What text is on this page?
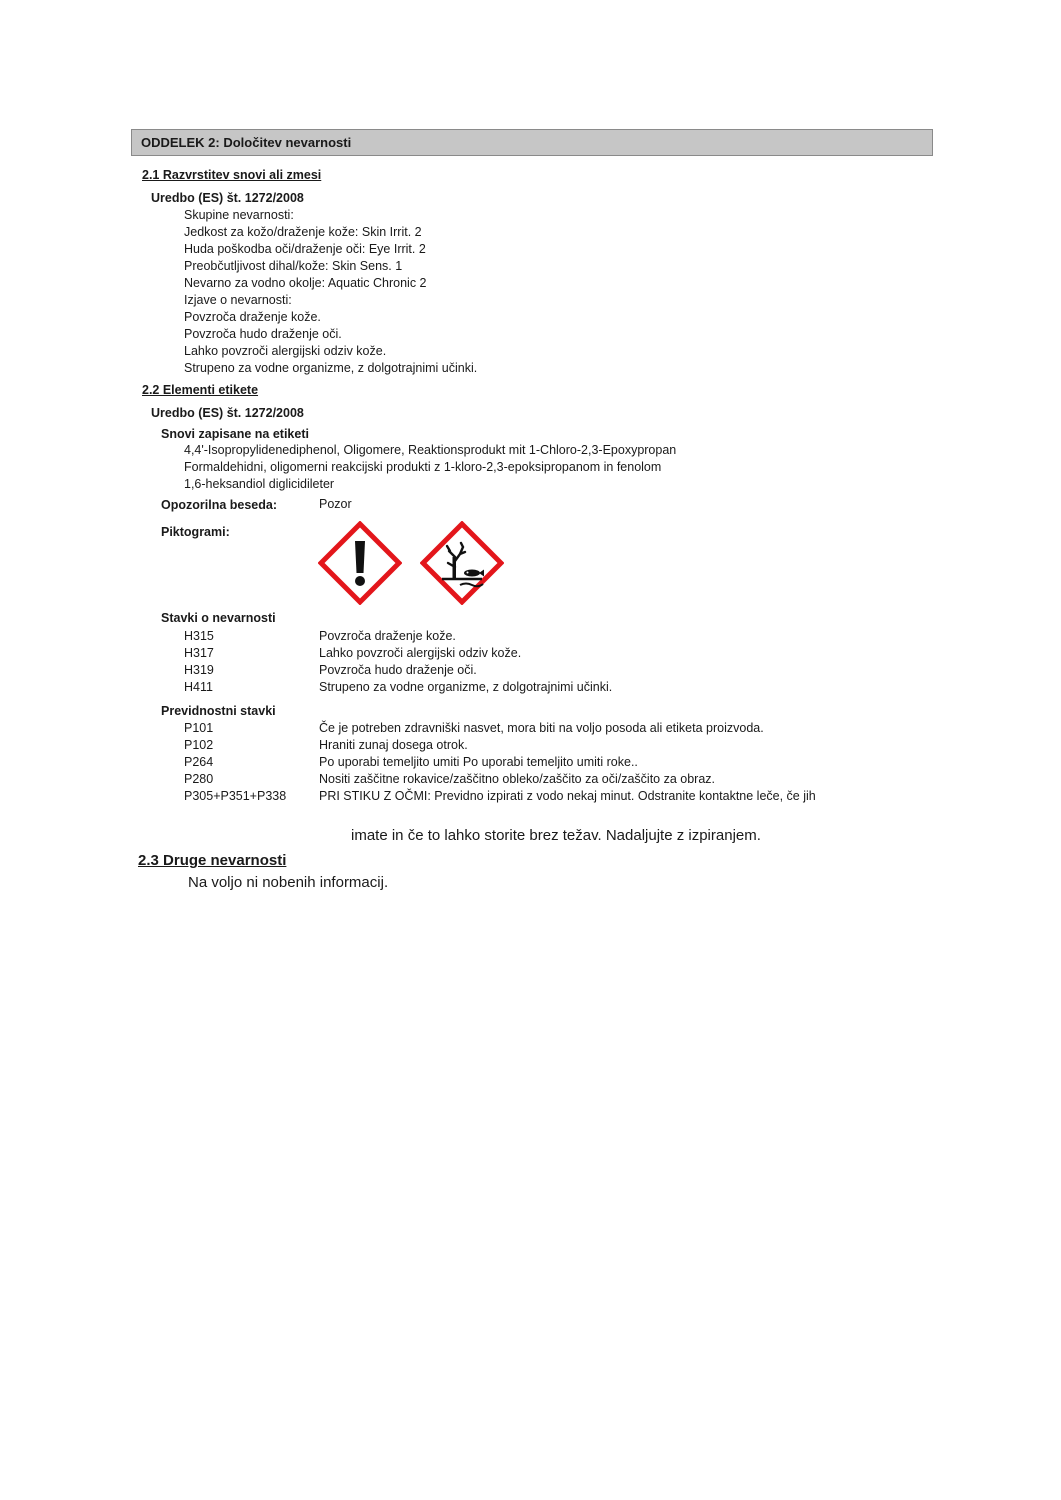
ODDELEK 2: Določitev nevarnosti
2.1 Razvrstitev snovi ali zmesi
Uredbo (ES) št. 1272/2008
Skupine nevarnosti:
Jedkost za kožo/draženje kože: Skin Irrit. 2
Huda poškodba oči/draženje oči: Eye Irrit. 2
Preobčutljivost dihal/kože: Skin Sens. 1
Nevarno za vodno okolje: Aquatic Chronic 2
Izjave o nevarnosti:
Povzroča draženje kože.
Povzroča hudo draženje oči.
Lahko povzroči alergijski odziv kože.
Strupeno za vodne organizme, z dolgotrajnimi učinki.
2.2 Elementi etikete
Uredbo (ES) št. 1272/2008
Snovi zapisane na etiketi
4,4'-Isopropylidenediphenol, Oligomere, Reaktionsprodukt mit 1-Chloro-2,3-Epoxypropan
Formaldehidni, oligomerni reakcijski produkti z 1-kloro-2,3-epoksipropanom in fenolom
1,6-heksandiol diglicidileter
Opozorilna beseda:	Pozor
Piktogrami:
Stavki o nevarnosti
H315	Povzroča draženje kože.
H317	Lahko povzroči alergijski odziv kože.
H319	Povzroča hudo draženje oči.
H411	Strupeno za vodne organizme, z dolgotrajnimi učinki.
Previdnostni stavki
P101	Če je potreben zdravniški nasvet, mora biti na voljo posoda ali etiketa proizvoda.
P102	Hraniti zunaj dosega otrok.
P264	Po uporabi temeljito umiti Po uporabi temeljito umiti roke..
P280	Nositi zaščitne rokavice/zaščitno obleko/zaščito za oči/zaščito za obraz.
P305+P351+P338	PRI STIKU Z OČMI: Previdno izpirati z vodo nekaj minut. Odstranite kontaktne leče, če jih
imate in če to lahko storite brez težav. Nadaljujte z izpiranjem.
2.3 Druge nevarnosti
Na voljo ni nobenih informacij.
